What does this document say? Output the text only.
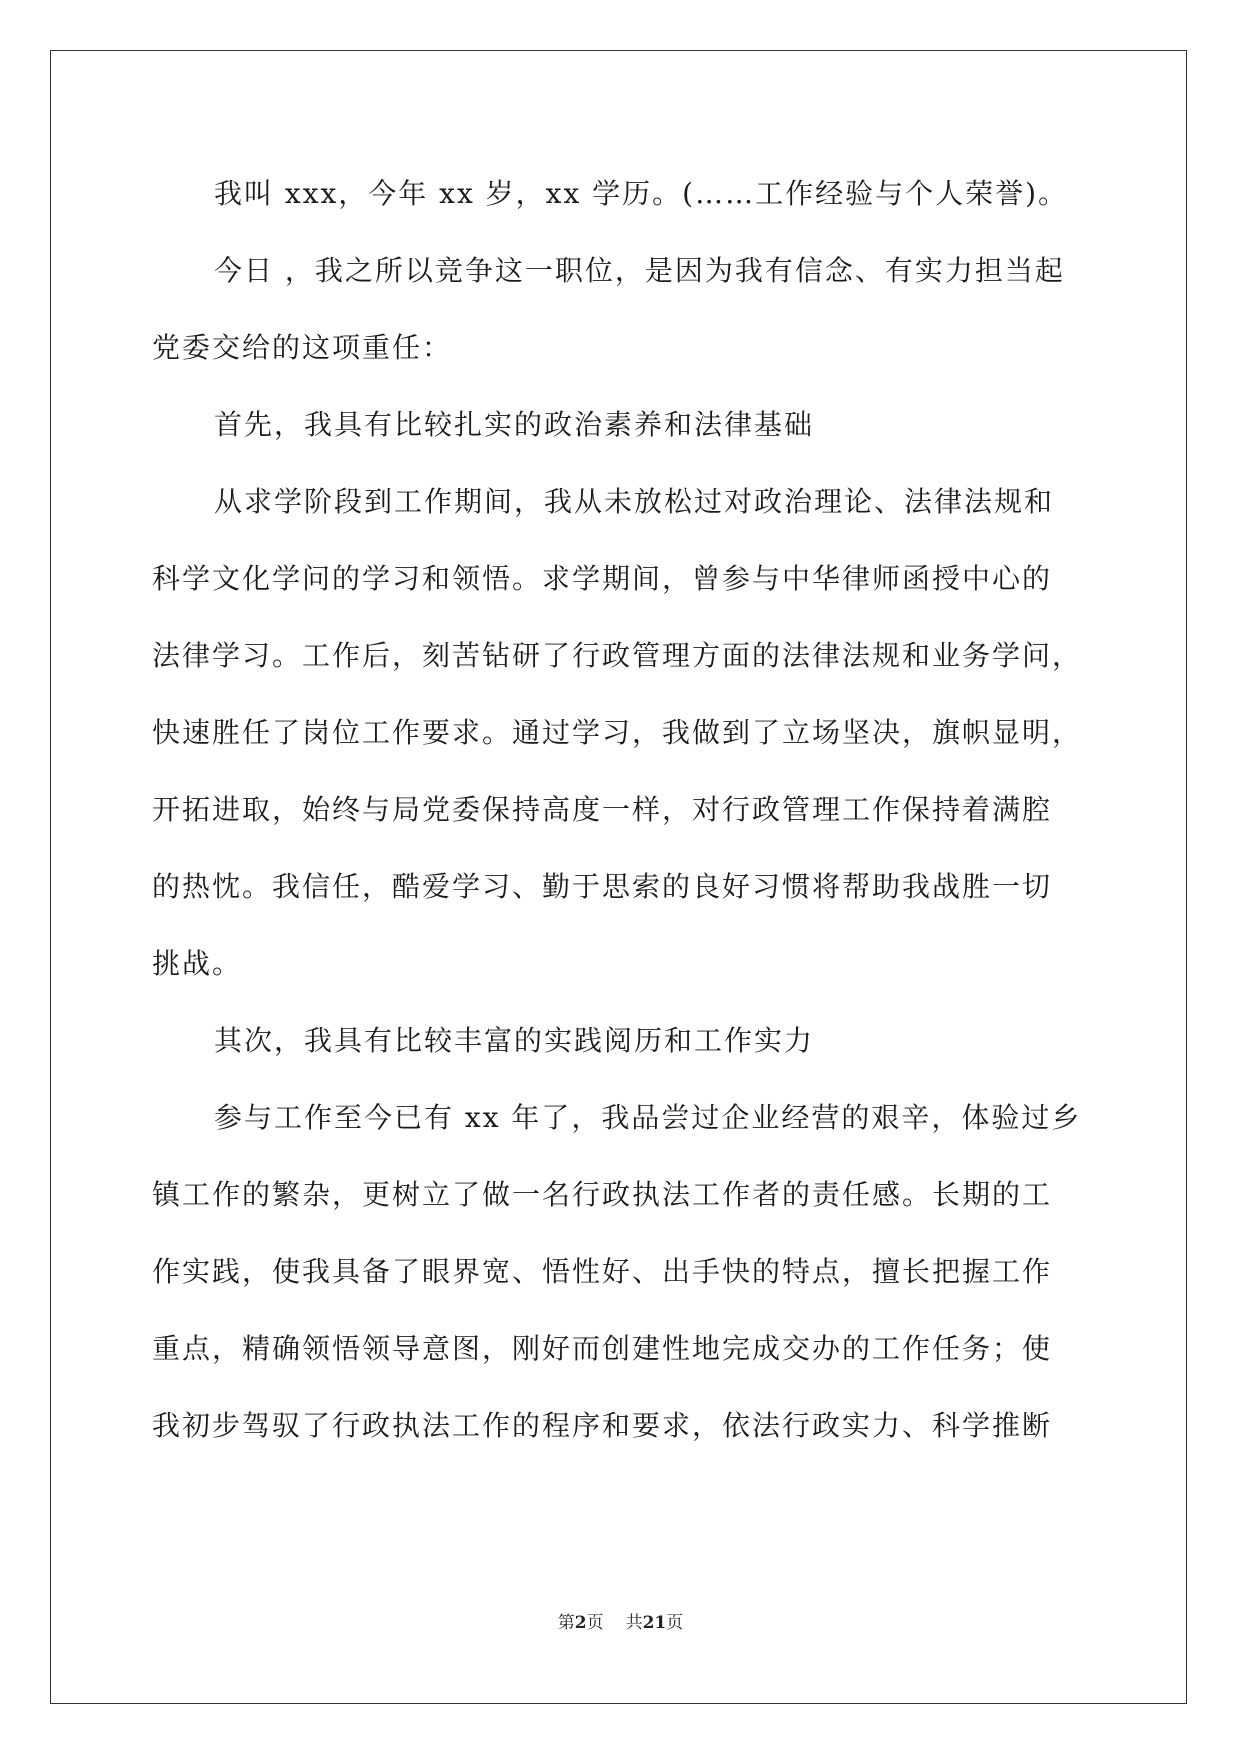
我叫 xxx，今年 xx 岁，xx 学历。(……工作经验与个人荣誉)。
今日 ，我之所以竞争这一职位，是因为我有信念、有实力担当起
党委交给的这项重任：
首先，我具有比较扎实的政治素养和法律基础
从求学阶段到工作期间，我从未放松过对政治理论、法律法规和
科学文化学问的学习和领悟。求学期间，曾参与中华律师函授中心的
法律学习。工作后，刻苦钻研了行政管理方面的法律法规和业务学问，
快速胜任了岗位工作要求。通过学习，我做到了立场坚决，旗帜显明，
开拓进取，始终与局党委保持高度一样，对行政管理工作保持着满腔
的热忱。我信任，酷爱学习、勤于思索的良好习惯将帮助我战胜一切
挑战。
其次，我具有比较丰富的实践阅历和工作实力
参与工作至今已有 xx 年了，我品尝过企业经营的艰辛，体验过乡
镇工作的繁杂，更树立了做一名行政执法工作者的责任感。长期的工
作实践，使我具备了眼界宽、悟性好、出手快的特点，擅长把握工作
重点，精确领悟领导意图，刚好而创建性地完成交办的工作任务；使
我初步驾驭了行政执法工作的程序和要求，依法行政实力、科学推断
第2页 共21页
